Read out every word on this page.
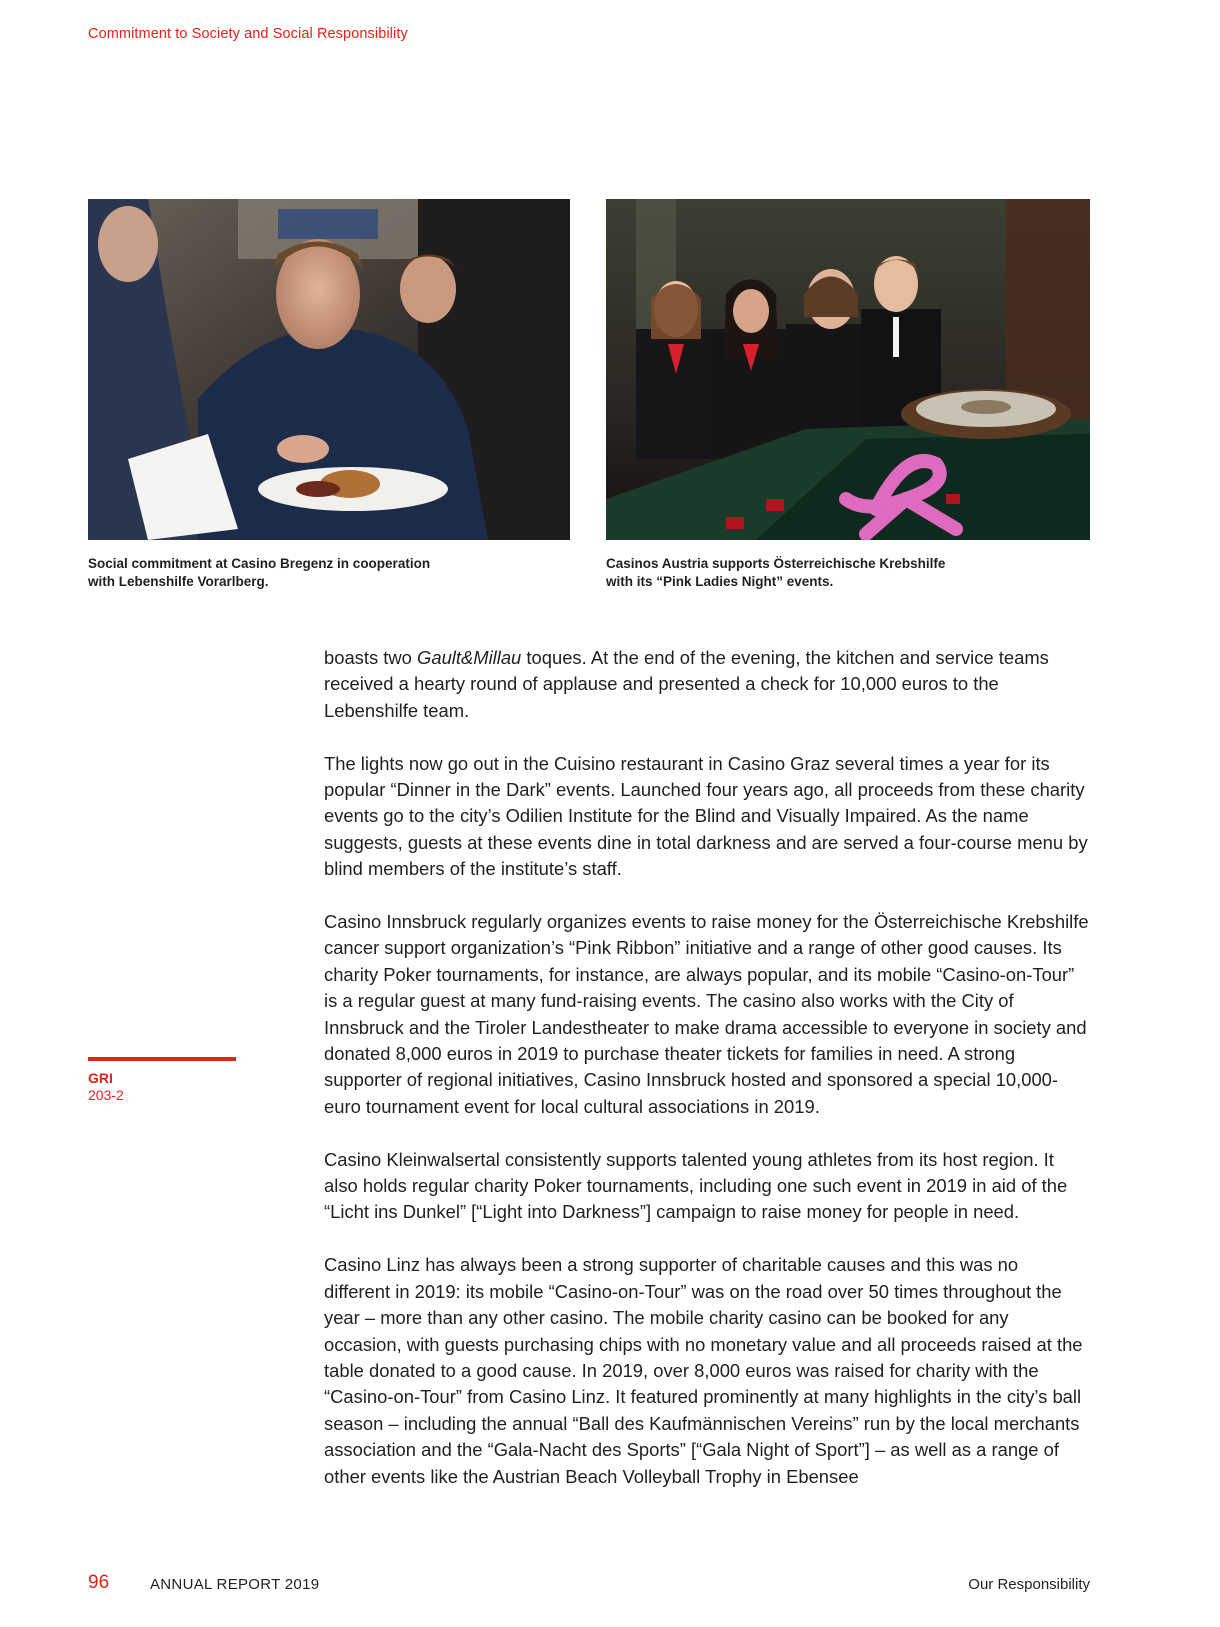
Commitment to Society and Social Responsibility
Social commitment at Casino Bregenz in cooperation
with Lebenshilfe Vorarlberg.
Casinos Austria supports Österreichische Krebshilfe
with its “Pink Ladies Night” events.

boasts two Gault&Millau toques. At the end of the evening, the kitchen and service teams received a hearty round of applause and presented a check for 10,000 euros to the Lebenshilfe team.

The lights now go out in the Cuisino restaurant in Casino Graz several times a year for its popular “Dinner in the Dark” events. Launched four years ago, all proceeds from these charity events go to the city’s Odilien Institute for the Blind and Visually Impaired. As the name suggests, guests at these events dine in total darkness and are served a four-course menu by blind members of the institute’s staff.

Casino Innsbruck regularly organizes events to raise money for the Österreichische Krebshilfe cancer support organization’s “Pink Ribbon” initiative and a range of other good causes. Its charity Poker tournaments, for instance, are always popular, and its mobile “Casino-on-Tour” is a regular guest at many fund-raising events. The casino also works with the City of Innsbruck and the Tiroler Landestheater to make drama accessible to everyone in society and donated 8,000 euros in 2019 to purchase theater tickets for families in need. A strong supporter of regional initiatives, Casino Innsbruck hosted and sponsored a special 10,000-euro tournament event for local cultural associations in 2019.

Casino Kleinwalsertal consistently supports talented young athletes from its host region. It also holds regular charity Poker tournaments, including one such event in 2019 in aid of the “Licht ins Dunkel” [“Light into Darkness”] campaign to raise money for people in need.

Casino Linz has always been a strong supporter of charitable causes and this was no different in 2019: its mobile “Casino-on-Tour” was on the road over 50 times throughout the year – more than any other casino. The mobile charity casino can be booked for any occasion, with guests purchasing chips with no monetary value and all proceeds raised at the table donated to a good cause. In 2019, over 8,000 euros was raised for charity with the “Casino-on-Tour” from Casino Linz. It featured prominently at many highlights in the city’s ball season – including the annual “Ball des Kaufmännischen Vereins” run by the local merchants association and the “Gala-Nacht des Sports” [“Gala Night of Sport”] – as well as a range of other events like the Austrian Beach Volleyball Trophy in Ebensee

GRI
203-2
96	ANNUAL REPORT 2019	Our Responsibility
